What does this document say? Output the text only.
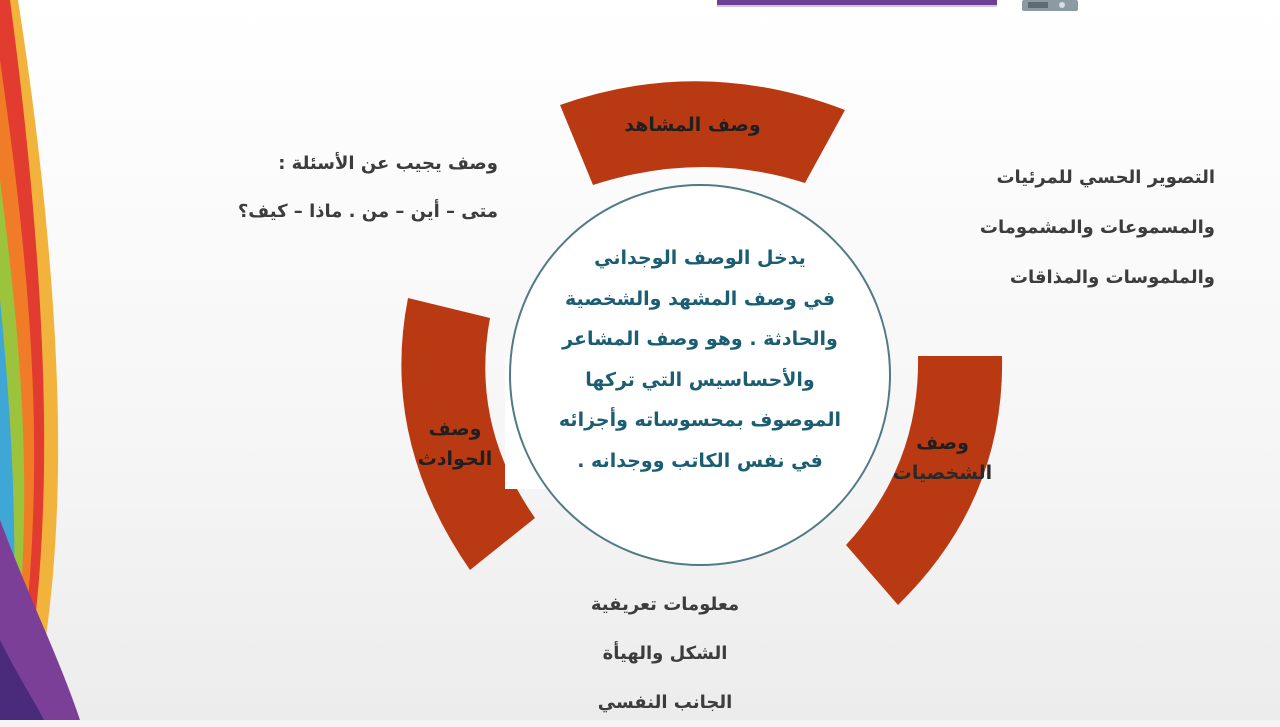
وصف المشاهد
وصف
الحوادث
وصف
الشخصيات
يدخل الوصف الوجداني
في وصف المشهد والشخصية
والحادثة . وهو وصف المشاعر
والأحساسيس التي تركها
الموصوف بمحسوساته وأجزائه
في نفس الكاتب ووجدانه .
وصف يجيب عن الأسئلة :
متى – أين – من . ماذا – كيف؟
التصوير الحسي للمرئيات
والمسموعات والمشمومات
والملموسات والمذاقات
معلومات تعريفية
الشكل والهيأة
الجانب النفسي
